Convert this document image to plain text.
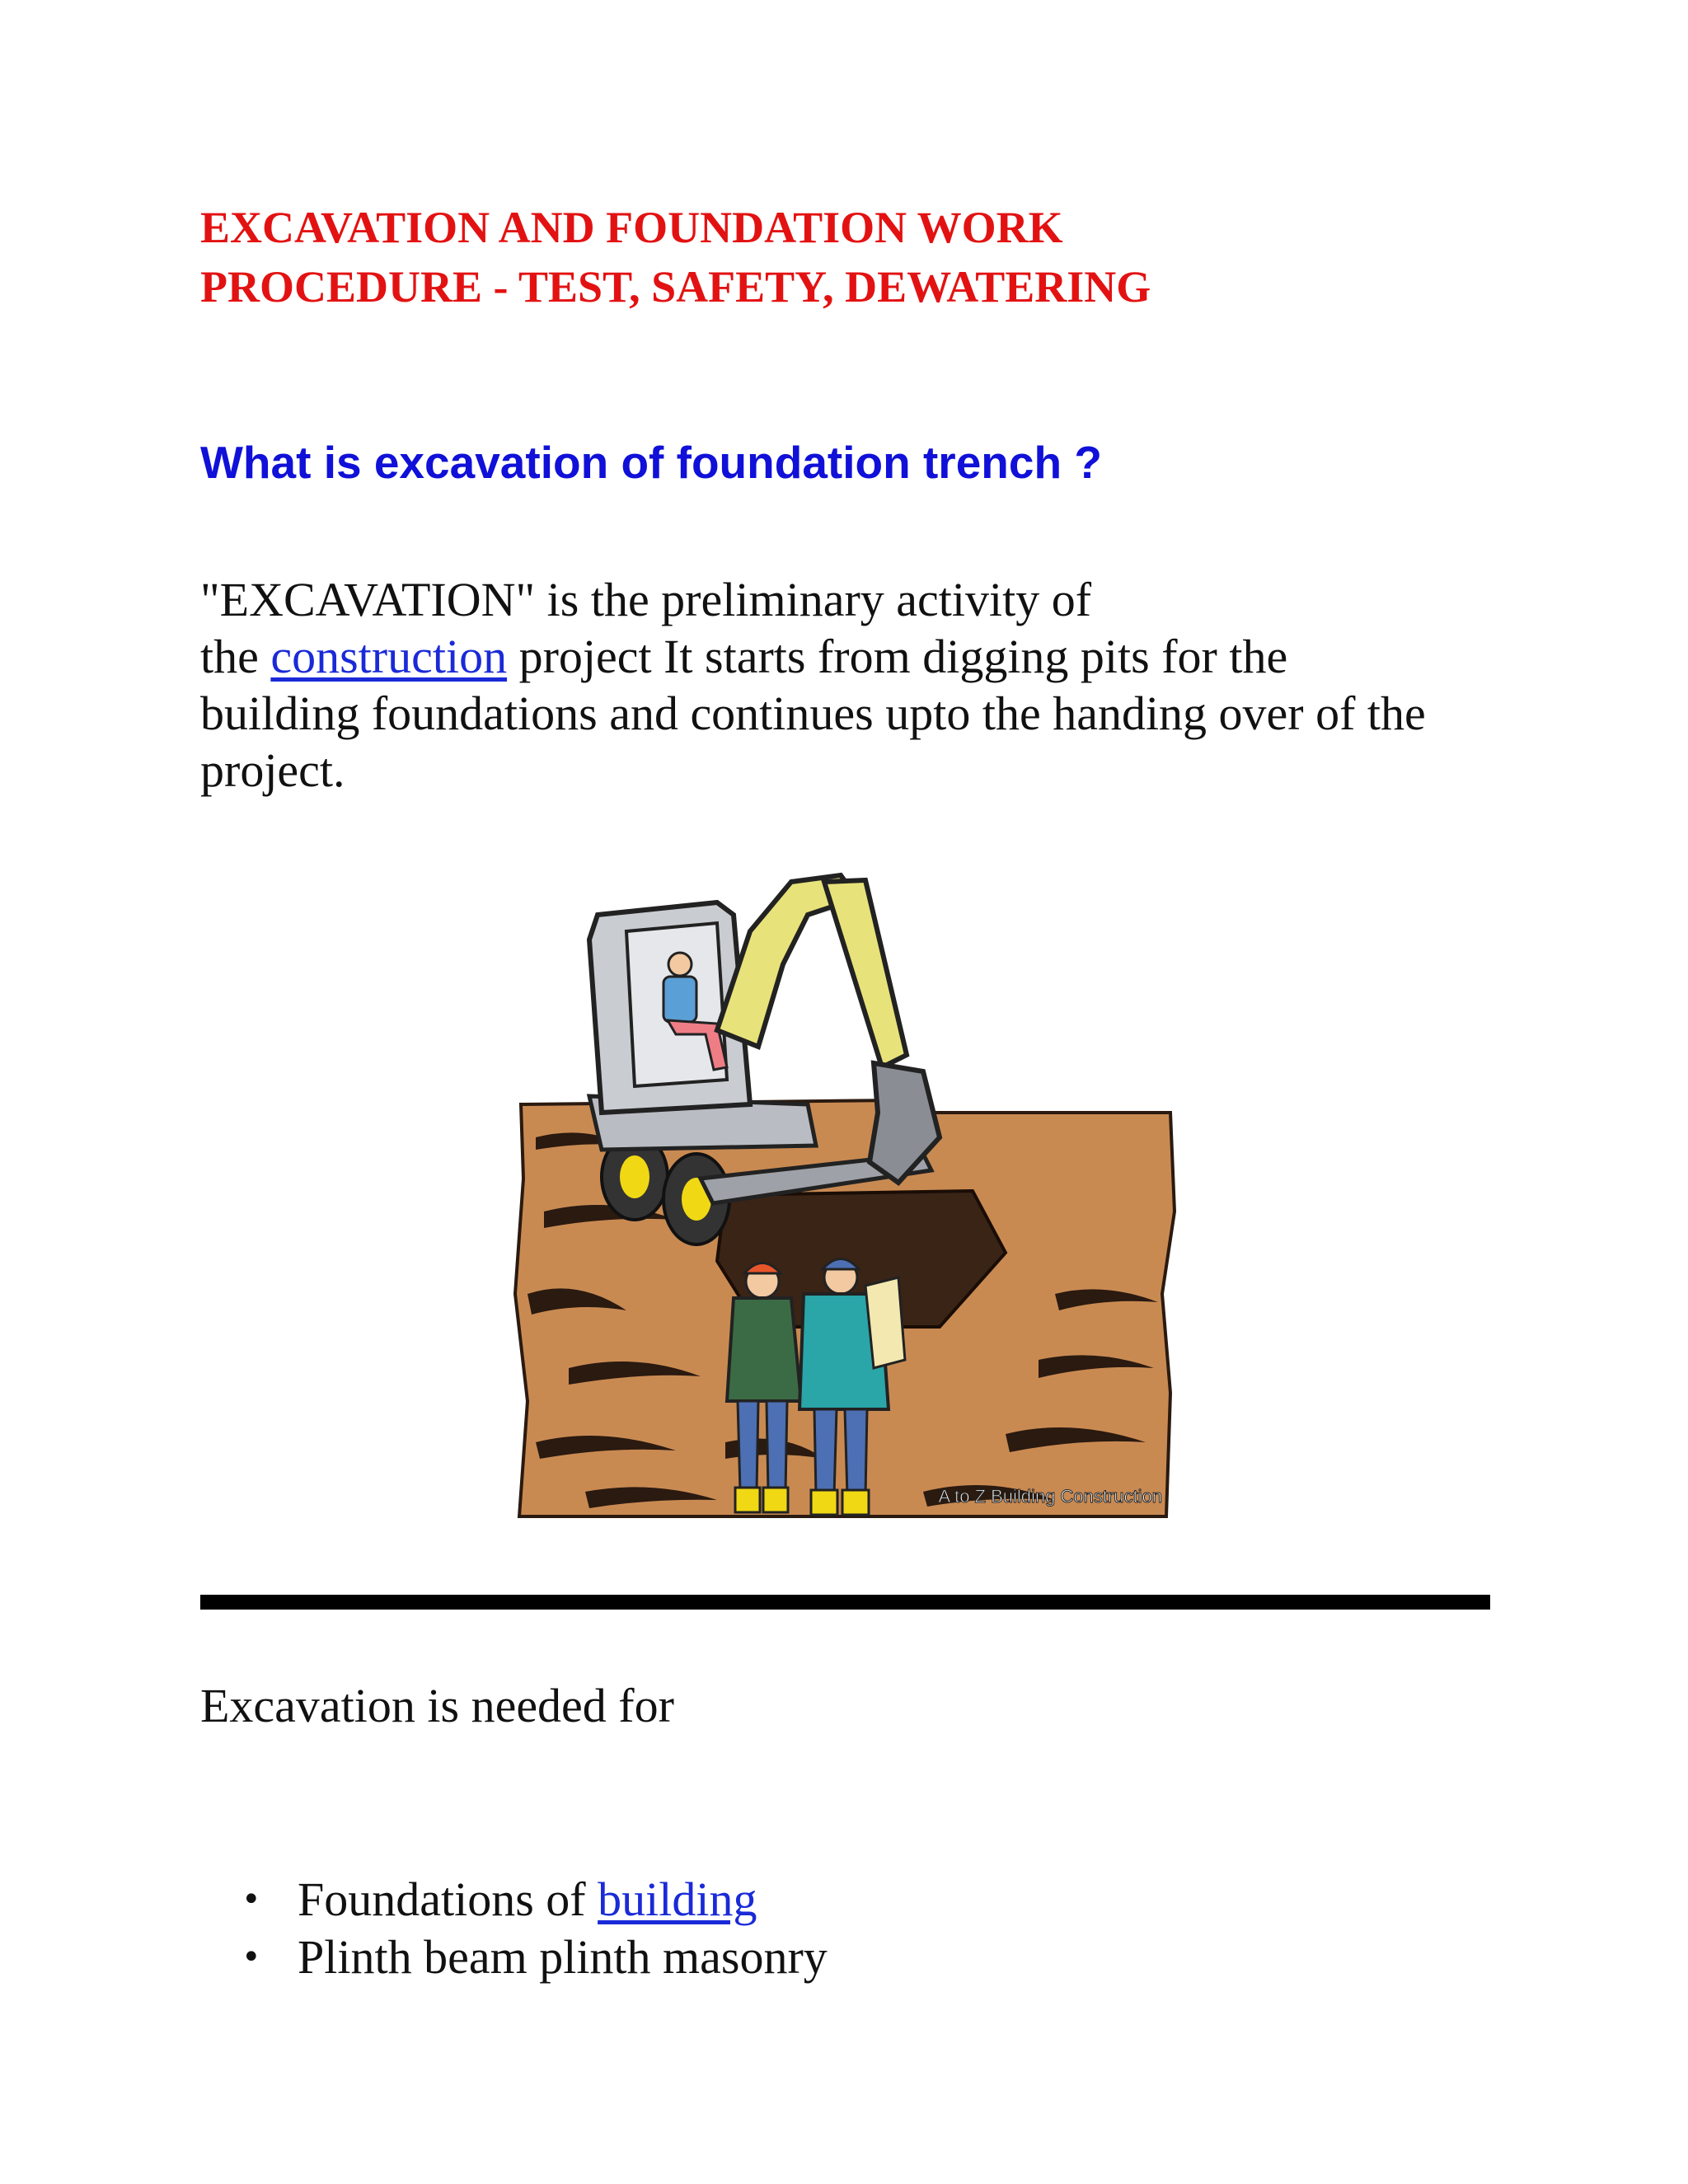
EXCAVATION AND FOUNDATION WORK
PROCEDURE - TEST, SAFETY, DEWATERING
What is excavation of foundation trench ?
"EXCAVATION" is the preliminary activity of
the construction project It starts from digging pits for the
building foundations and continues upto the handing over of the
project.
A to Z Building Construction
Excavation is needed for
• Foundations of building
• Plinth beam plinth masonry
